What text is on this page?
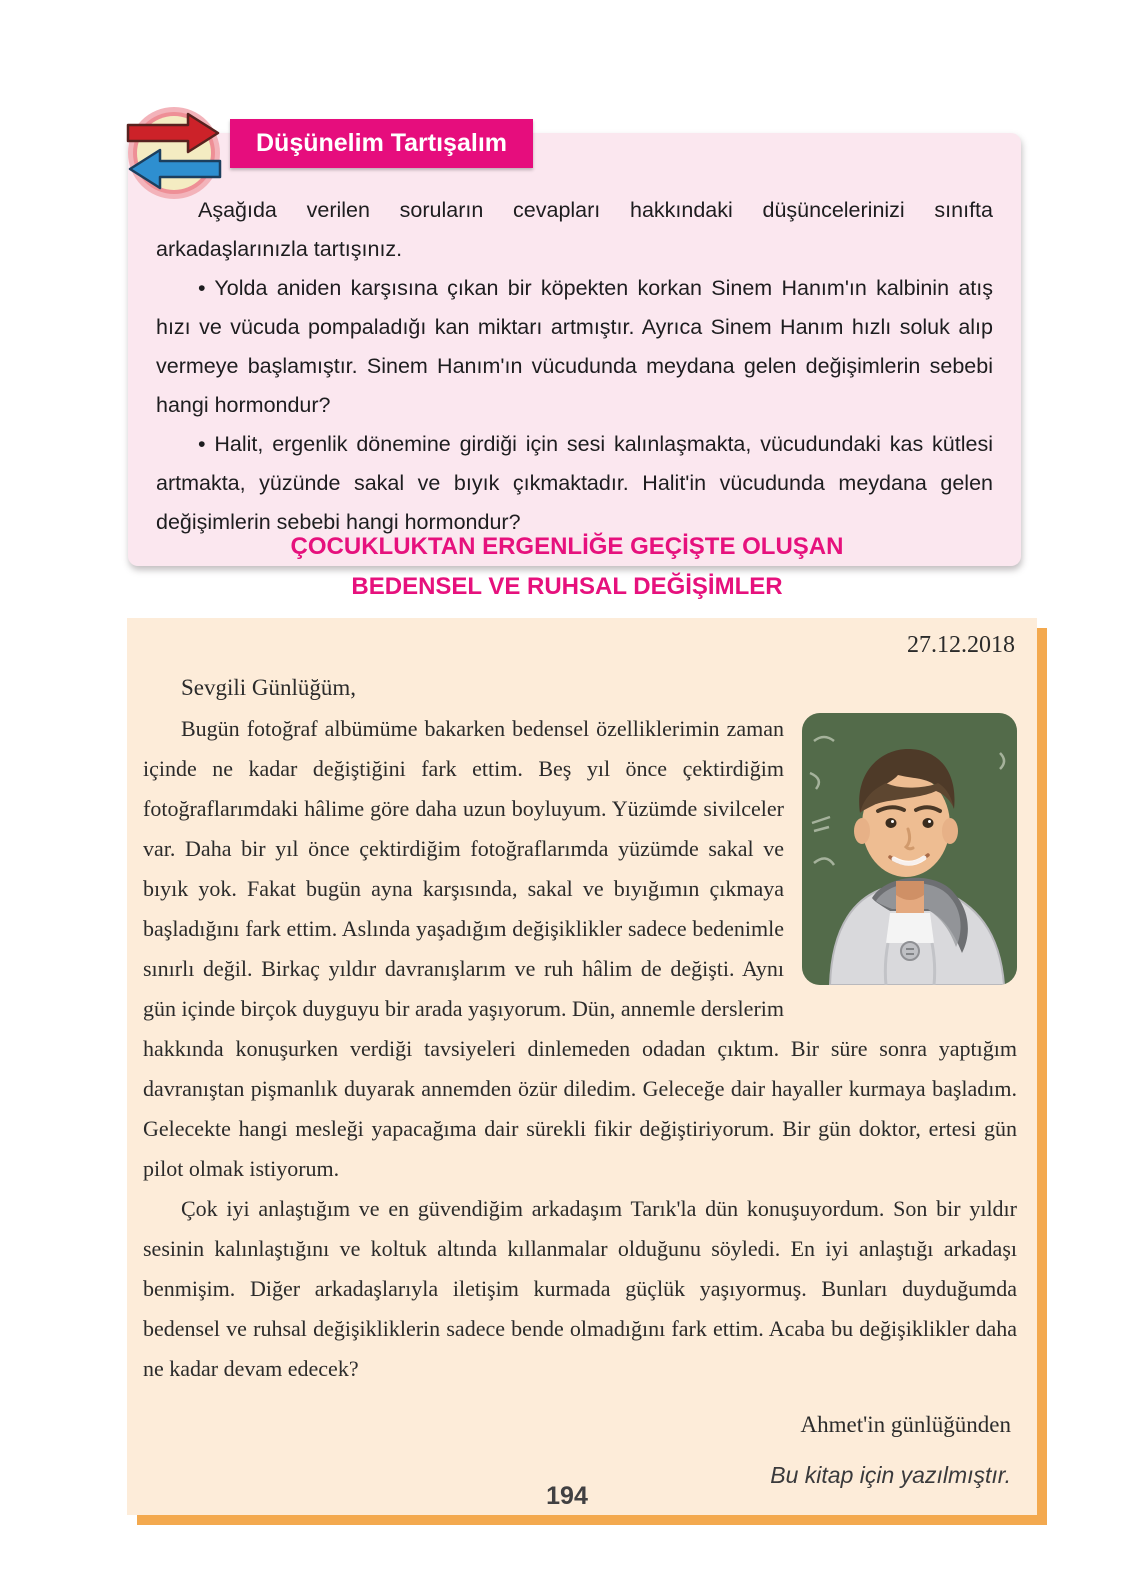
Aşağıda verilen soruların cevapları hakkındaki düşüncelerinizi sınıfta arkadaşlarınızla tartışınız.

• Yolda aniden karşısına çıkan bir köpekten korkan Sinem Hanım'ın kalbinin atış hızı ve vücuda pompaladığı kan miktarı artmıştır. Ayrıca Sinem Hanım hızlı soluk alıp vermeye başlamıştır. Sinem Hanım'ın vücudunda meydana gelen değişimlerin sebebi hangi hormondur?

• Halit, ergenlik dönemine girdiği için sesi kalınlaşmakta, vücudundaki kas kütlesi artmakta, yüzünde sakal ve bıyık çıkmaktadır. Halit'in vücudunda meydana gelen değişimlerin sebebi hangi hormondur?

Düşünelim Tartışalım
ÇOCUKLUKTAN ERGENLİĞE GEÇİŞTE OLUŞAN
BEDENSEL VE RUHSAL DEĞİŞİMLER

27.12.2018

Sevgili Günlüğüm,

Bugün fotoğraf albümüme bakarken bedensel özelliklerimin zaman içinde ne kadar değiştiğini fark ettim. Beş yıl önce çektirdiğim fotoğraflarımdaki hâlime göre daha uzun boyluyum. Yüzümde sivilceler var. Daha bir yıl önce çektirdiğim fotoğraflarımda yüzümde sakal ve bıyık yok. Fakat bugün ayna karşısında, sakal ve bıyığımın çıkmaya başladığını fark ettim. Aslında yaşadığım değişiklikler sadece bedenimle sınırlı değil. Birkaç yıldır davranışlarım ve ruh hâlim de değişti. Aynı gün içinde birçok duyguyu bir arada yaşıyorum. Dün, annemle derslerim hakkında konuşurken verdiği tavsiyeleri dinlemeden odadan çıktım. Bir süre sonra yaptığım davranıştan pişmanlık duyarak annemden özür diledim. Geleceğe dair hayaller kurmaya başladım. Gelecekte hangi mesleği yapacağıma dair sürekli fikir değiştiriyorum. Bir gün doktor, ertesi gün pilot olmak istiyorum.

Çok iyi anlaştığım ve en güvendiğim arkadaşım Tarık'la dün konuşuyordum. Son bir yıldır sesinin kalınlaştığını ve koltuk altında kıllanmalar olduğunu söyledi. En iyi anlaştığı arkadaşı benmişim. Diğer arkadaşlarıyla iletişim kurmada güçlük yaşıyormuş. Bunları duyduğumda bedensel ve ruhsal değişikliklerin sadece bende olmadığını fark ettim. Acaba bu değişiklikler daha ne kadar devam edecek?

Ahmet'in günlüğünden

Bu kitap için yazılmıştır.

194
